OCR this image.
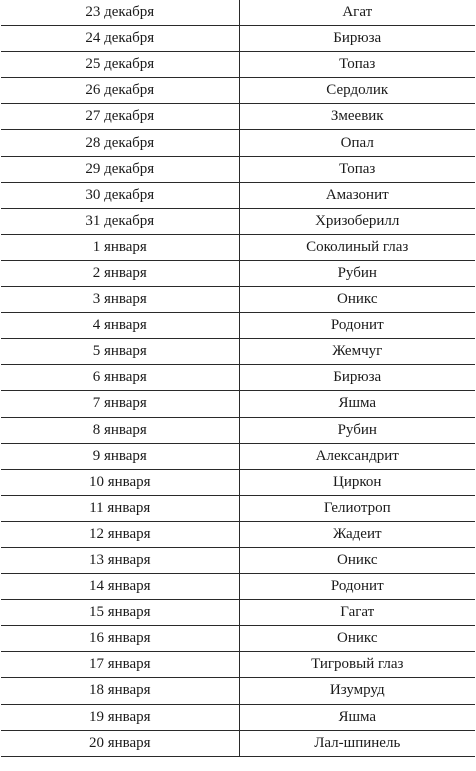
23 декабря	Агат
24 декабря	Бирюза
25 декабря	Топаз
26 декабря	Сердолик
27 декабря	Змеевик
28 декабря	Опал
29 декабря	Топаз
30 декабря	Амазонит
31 декабря	Хризоберилл
1 января	Соколиный глаз
2 января	Рубин
3 января	Оникс
4 января	Родонит
5 января	Жемчуг
6 января	Бирюза
7 января	Яшма
8 января	Рубин
9 января	Александрит
10 января	Циркон
11 января	Гелиотроп
12 января	Жадеит
13 января	Оникс
14 января	Родонит
15 января	Гагат
16 января	Оникс
17 января	Тигровый глаз
18 января	Изумруд
19 января	Яшма
20 января	Лал-шпинель
